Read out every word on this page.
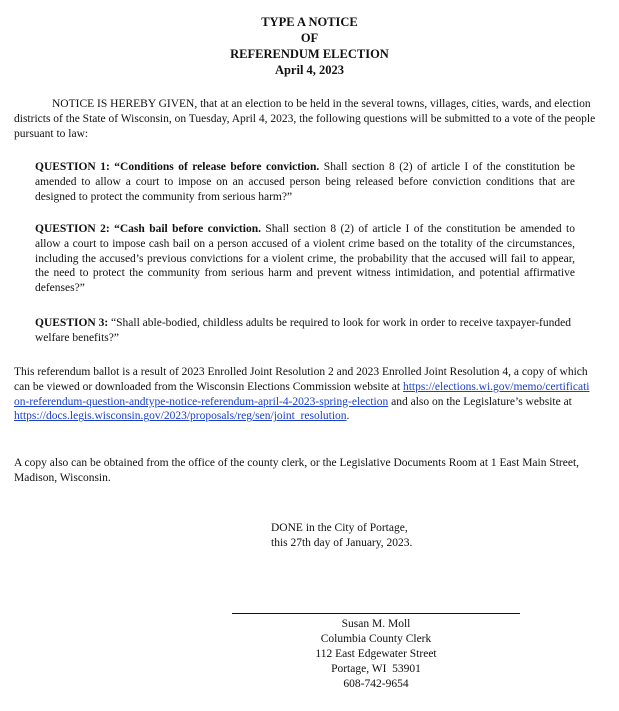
TYPE A NOTICE
OF
REFERENDUM ELECTION
April 4, 2023

NOTICE IS HEREBY GIVEN, that at an election to be held in the several towns, villages, cities, wards, and election districts of the State of Wisconsin, on Tuesday, April 4, 2023, the following questions will be submitted to a vote of the people pursuant to law:

QUESTION 1: “Conditions of release before conviction. Shall section 8 (2) of article I of the constitution be amended to allow a court to impose on an accused person being released before conviction conditions that are designed to protect the community from serious harm?”

QUESTION 2: “Cash bail before conviction. Shall section 8 (2) of article I of the constitution be amended to allow a court to impose cash bail on a person accused of a violent crime based on the totality of the circumstances, including the accused’s previous convictions for a violent crime, the probability that the accused will fail to appear, the need to protect the community from serious harm and prevent witness intimidation, and potential affirmative defenses?”

QUESTION 3: “Shall able-bodied, childless adults be required to look for work in order to receive taxpayer-funded welfare benefits?”

This referendum ballot is a result of 2023 Enrolled Joint Resolution 2 and 2023 Enrolled Joint Resolution 4, a copy of which can be viewed or downloaded from the Wisconsin Elections Commission website at https://elections.wi.gov/memo/certification-referendum-question-andtype-notice-referendum-april-4-2023-spring-election and also on the Legislature’s website at https://docs.legis.wisconsin.gov/2023/proposals/reg/sen/joint_resolution.

A copy also can be obtained from the office of the county clerk, or the Legislative Documents Room at 1 East Main Street, Madison, Wisconsin.

DONE in the City of Portage,
this 27th day of January, 2023.
Susan M. Moll
Columbia County Clerk
112 East Edgewater Street
Portage, WI  53901
608-742-9654
